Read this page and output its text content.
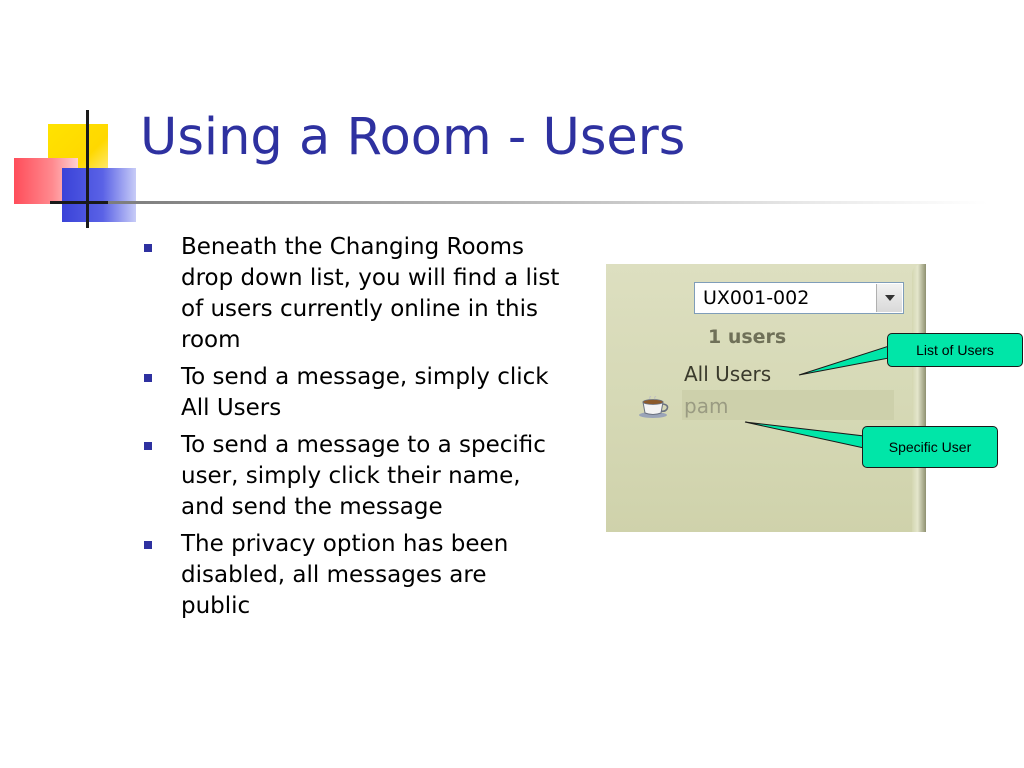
Using a Room - Users
Beneath the Changing Rooms drop down list, you will find a list of users currently online in this room
To send a message, simply click All Users
To send a message to a specific user, simply click their name, and send the message
The privacy option has been disabled, all messages are public
UX001-002
1 users
All Users
pam
List of Users
Specific User
